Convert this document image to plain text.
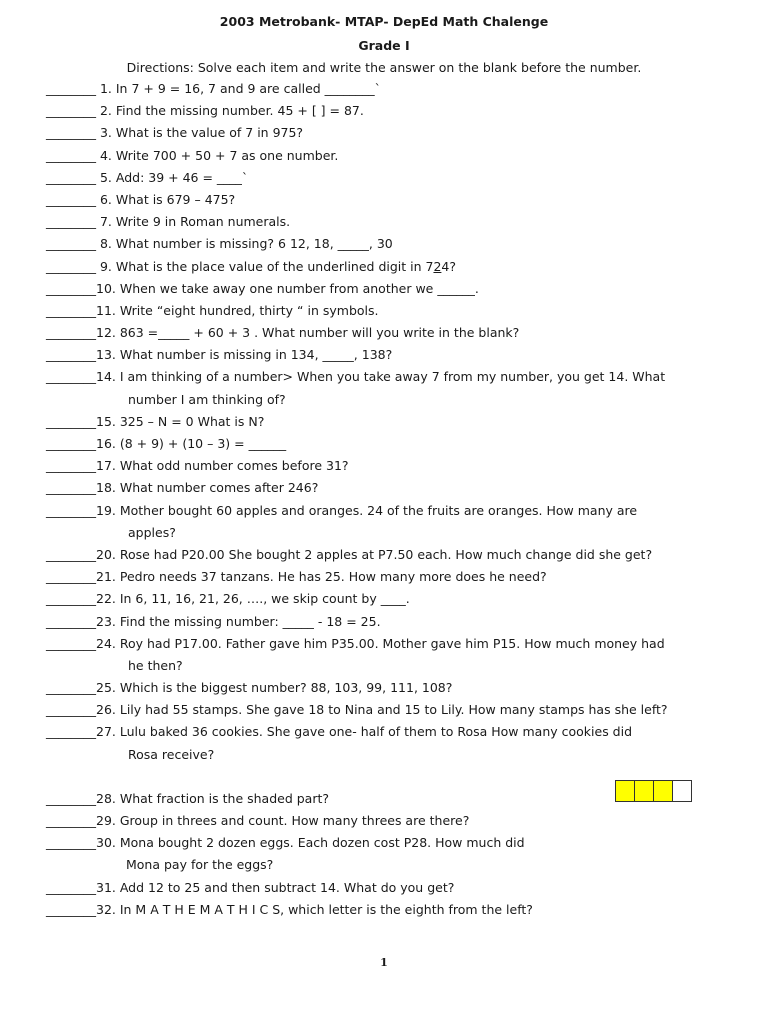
2003 Metrobank- MTAP- DepEd Math Chalenge
Grade I
Directions: Solve each item and write the answer on the blank before the number.
________ 1. In 7 + 9 = 16, 7 and 9 are called ________`
________ 2. Find the missing number. 45 + [ ] = 87.
________ 3. What is the value of 7 in 975?
________ 4. Write 700 + 50 + 7 as one number.
________ 5. Add: 39 + 46 = ____`
________ 6. What is 679 – 475?
________ 7. Write 9 in Roman numerals.
________ 8. What number is missing? 6 12, 18, _____, 30
________ 9. What is the place value of the underlined digit in 724?
________10. When we take away one number from another we ______.
________11. Write “eight hundred, thirty “ in symbols.
________12. 863 =_____ + 60 + 3 . What number will you write in the blank?
________13. What number is missing in 134, _____, 138?
________14. I am thinking of a number> When you take away 7 from my number, you get 14. What
number I am thinking of?
________15. 325 – N = 0 What is N?
________16. (8 + 9) + (10 – 3) = ______
________17. What odd number comes before 31?
________18. What number comes after 246?
________19. Mother bought 60 apples and oranges. 24 of the fruits are oranges. How many are
apples?
________20. Rose had P20.00 She bought 2 apples at P7.50 each. How much change did she get?
________21. Pedro needs 37 tanzans. He has 25. How many more does he need?
________22. In 6, 11, 16, 21, 26, …., we skip count by ____.
________23. Find the missing number: _____ - 18 = 25.
________24. Roy had P17.00. Father gave him P35.00. Mother gave him P15. How much money had
he then?
________25. Which is the biggest number? 88, 103, 99, 111, 108?
________26. Lily had 55 stamps. She gave 18 to Nina and 15 to Lily. How many stamps has she left?
________27. Lulu baked 36 cookies. She gave one- half of them to Rosa How many cookies did
Rosa receive?
________28. What fraction is the shaded part?
________29. Group in threes and count. How many threes are there?
________30. Mona bought 2 dozen eggs. Each dozen cost P28. How much did
Mona pay for the eggs?
________31. Add 12 to 25 and then subtract 14. What do you get?
________32. In M A T H E M A T H I C S, which letter is the eighth from the left?

1
